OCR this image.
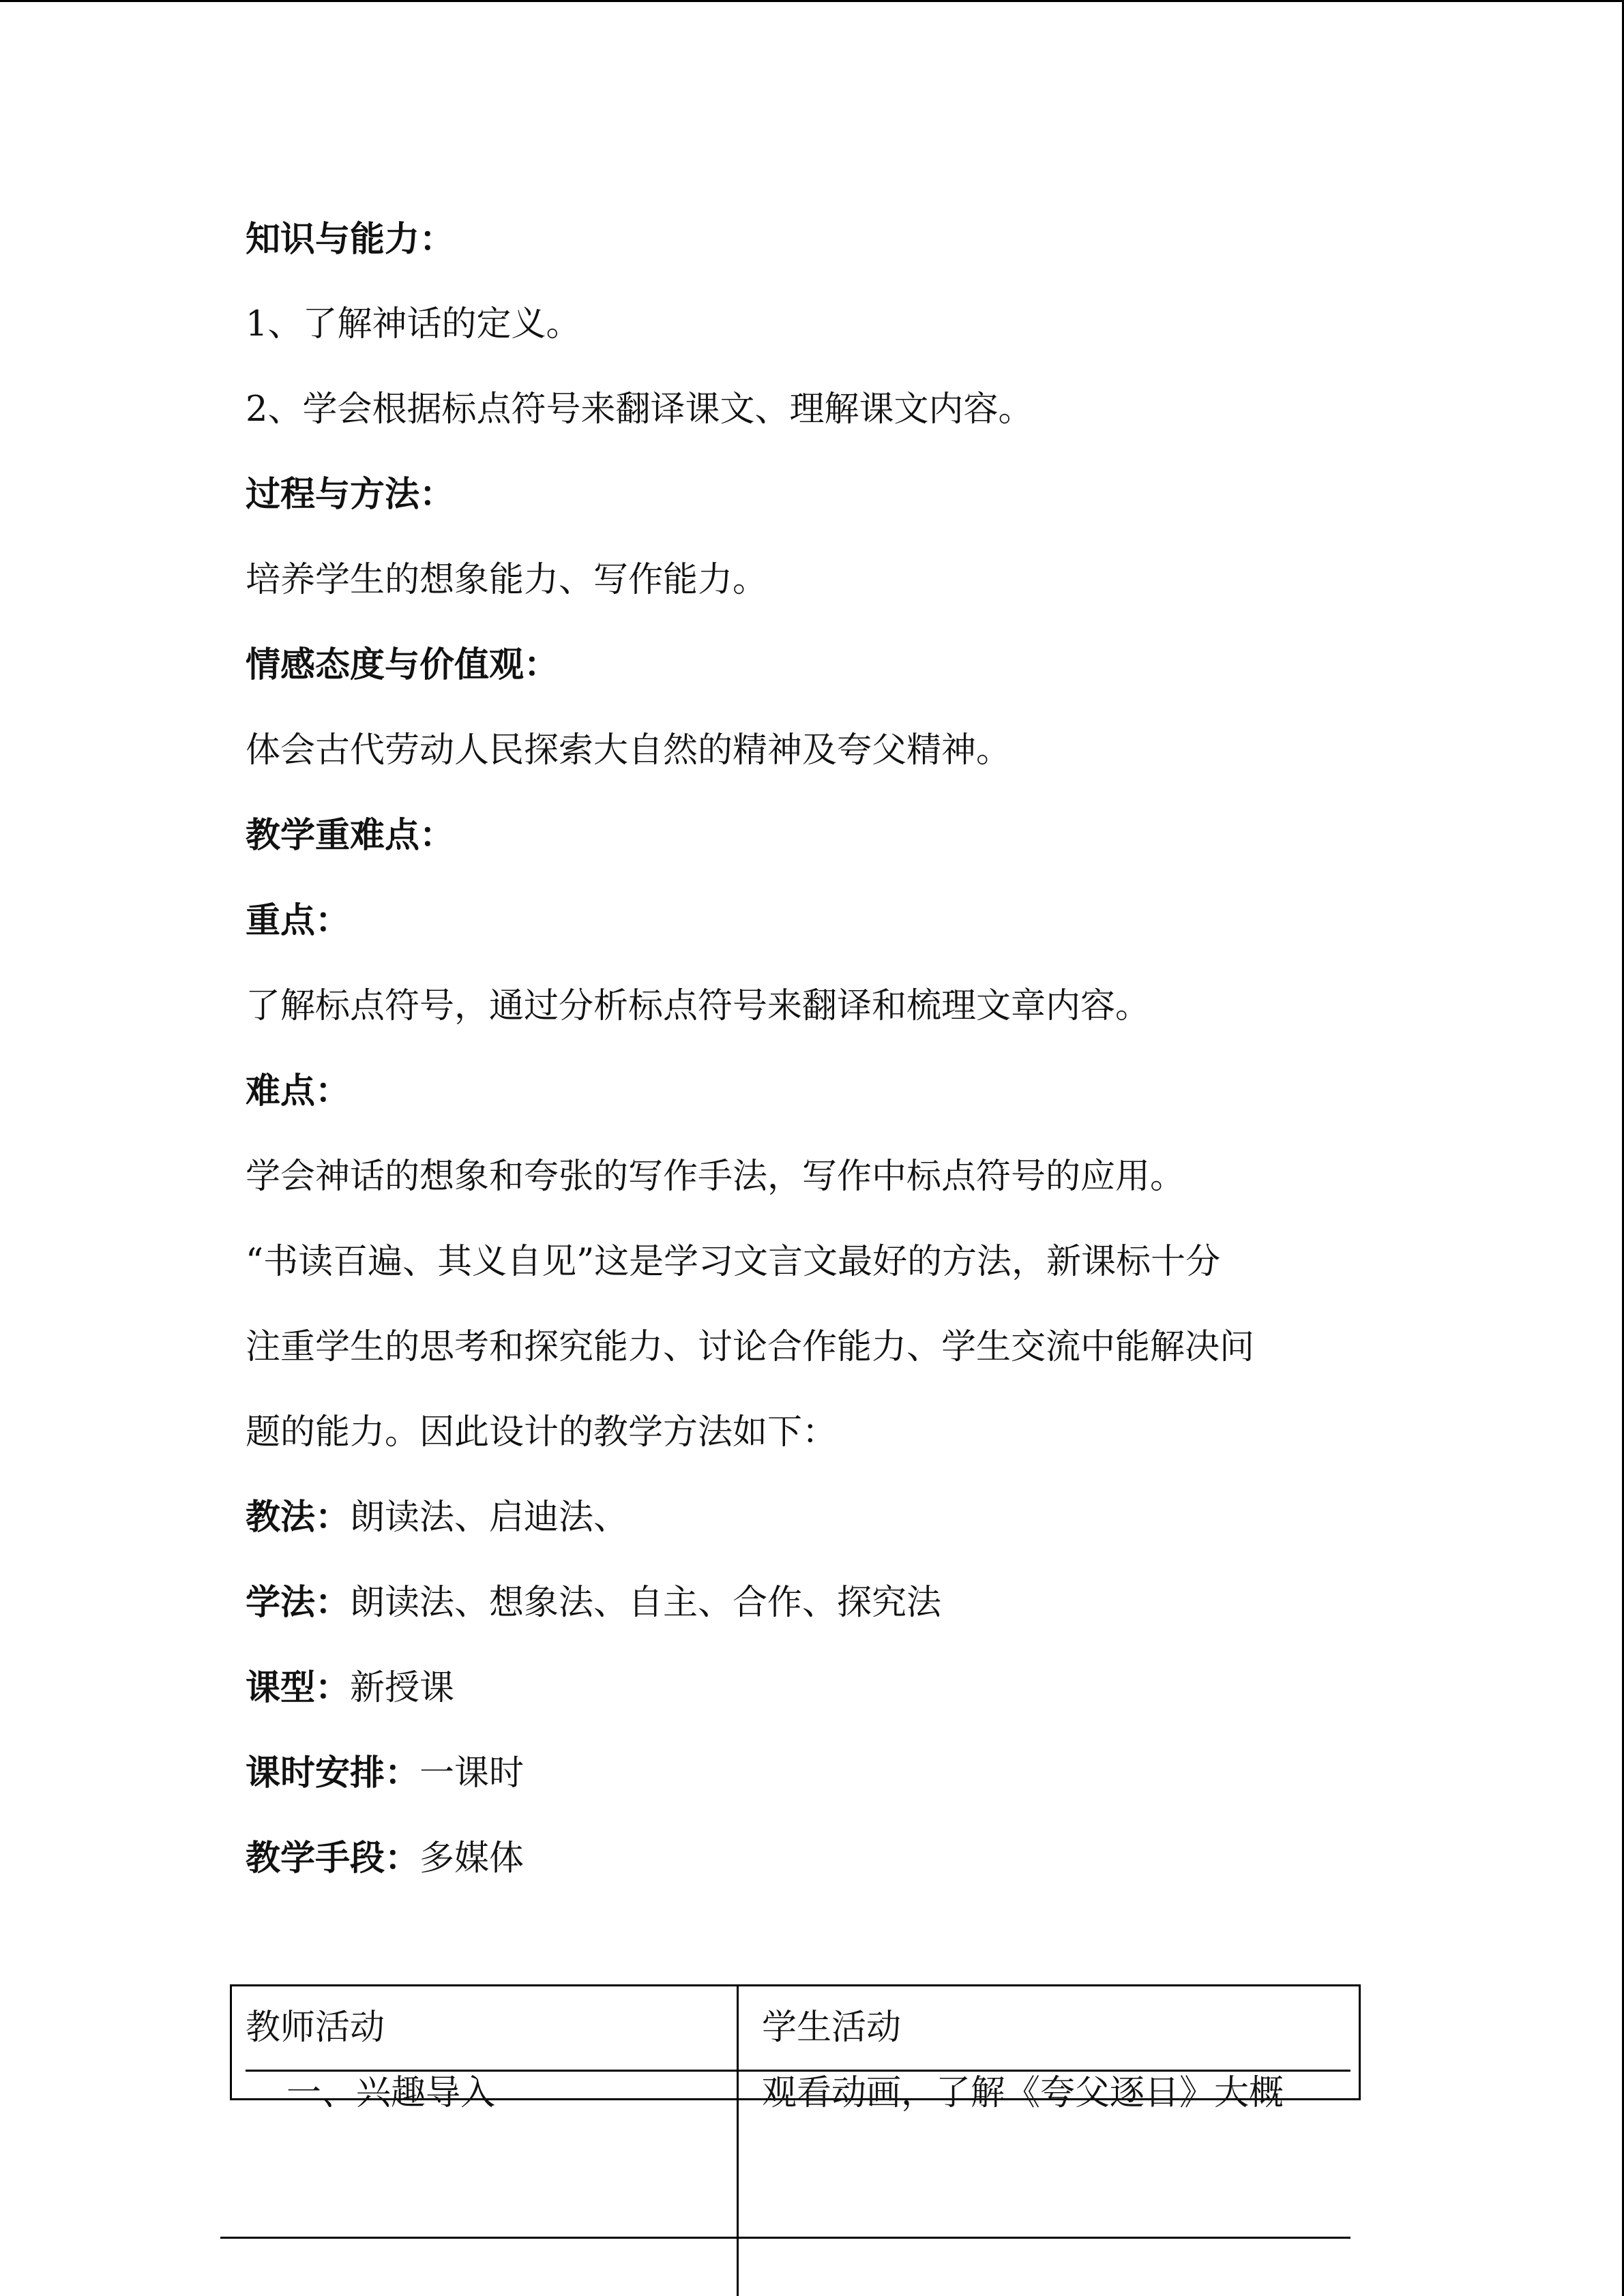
知识与能力：

1、了解神话的定义。

2、学会根据标点符号来翻译课文、理解课文内容。

过程与方法：

培养学生的想象能力、写作能力。

情感态度与价值观：

体会古代劳动人民探索大自然的精神及夸父精神。

教学重难点：

重点：

了解标点符号，通过分析标点符号来翻译和梳理文章内容。

难点：

学会神话的想象和夸张的写作手法，写作中标点符号的应用。

“书读百遍、其义自见”这是学习文言文最好的方法，新课标十分

注重学生的思考和探究能力、讨论合作能力、学生交流中能解决问

题的能力。因此设计的教学方法如下：

教法：朗读法、启迪法、

学法：朗读法、想象法、自主、合作、探究法

课型：新授课

课时安排：一课时

教学手段：多媒体

教师活动	学生活动
一、兴趣导入	观看动画，了解《夸父逐日》大概
